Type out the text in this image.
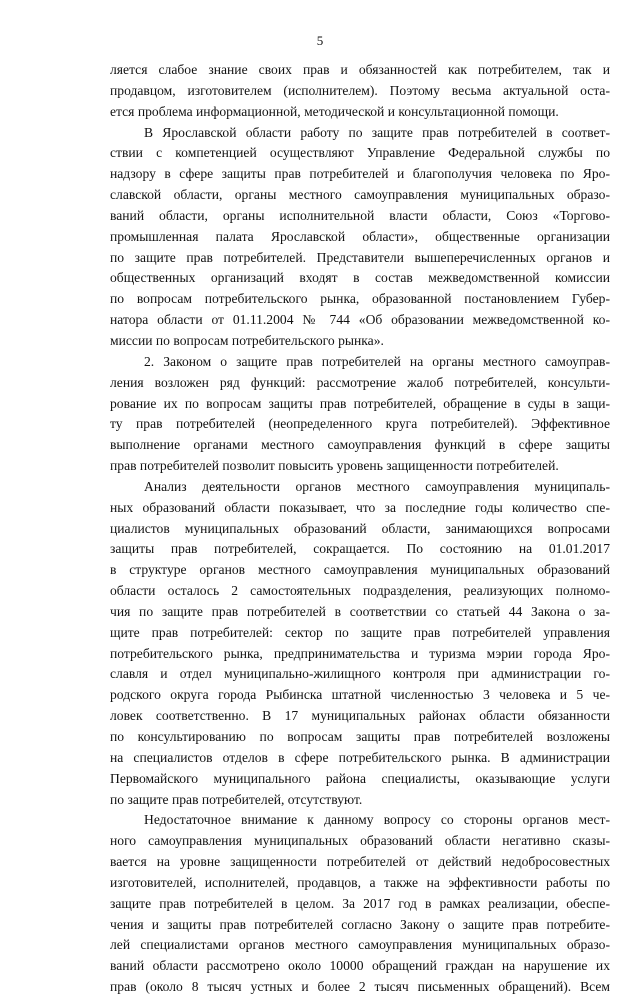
5

ляется слабое знание своих прав и обязанностей как потребителем, так и

продавцом, изготовителем (исполнителем). Поэтому весьма актуальной оста-

ется проблема информационной, методической и консультационной помощи.

В Ярославской области работу по защите прав потребителей в соответ-

ствии с компетенцией осуществляют Управление Федеральной службы по

надзору в сфере защиты прав потребителей и благополучия человека по Яро-

славской области, органы местного самоуправления муниципальных образо-

ваний области, органы исполнительной власти области, Союз «Торгово-

промышленная палата Ярославской области», общественные организации

по защите прав потребителей. Представители вышеперечисленных органов и

общественных организаций входят в состав межведомственной комиссии

по вопросам потребительского рынка, образованной постановлением Губер-

натора области от 01.11.2004 № 744 «Об образовании межведомственной ко-

миссии по вопросам потребительского рынка».

2. Законом о защите прав потребителей на органы местного самоуправ-

ления возложен ряд функций: рассмотрение жалоб потребителей, консульти-

рование их по вопросам защиты прав потребителей, обращение в суды в защи-

ту прав потребителей (неопределенного круга потребителей). Эффективное

выполнение органами местного самоуправления функций в сфере защиты

прав потребителей позволит повысить уровень защищенности потребителей.

Анализ деятельности органов местного самоуправления муниципаль-

ных образований области показывает, что за последние годы количество спе-

циалистов муниципальных образований области, занимающихся вопросами

защиты прав потребителей, сокращается. По состоянию на 01.01.2017

в структуре органов местного самоуправления муниципальных образований

области осталось 2 самостоятельных подразделения, реализующих полномо-

чия по защите прав потребителей в соответствии со статьей 44 Закона о за-

щите прав потребителей: сектор по защите прав потребителей управления

потребительского рынка, предпринимательства и туризма мэрии города Яро-

славля и отдел муниципально-жилищного контроля при администрации го-

родского округа города Рыбинска штатной численностью 3 человека и 5 че-

ловек соответственно. В 17 муниципальных районах области обязанности

по консультированию по вопросам защиты прав потребителей возложены

на специалистов отделов в сфере потребительского рынка. В администрации

Первомайского муниципального района специалисты, оказывающие услуги

по защите прав потребителей, отсутствуют.

Недостаточное внимание к данному вопросу со стороны органов мест-

ного самоуправления муниципальных образований области негативно сказы-

вается на уровне защищенности потребителей от действий недобросовестных

изготовителей, исполнителей, продавцов, а также на эффективности работы по

защите прав потребителей в целом. За 2017 год в рамках реализации, обеспе-

чения и защиты прав потребителей согласно Закону о защите прав потребите-

лей специалистами органов местного самоуправления муниципальных образо-

ваний области рассмотрено около 10000 обращений граждан на нарушение их

прав (около 8 тысяч устных и более 2 тысяч письменных обращений). Всем
